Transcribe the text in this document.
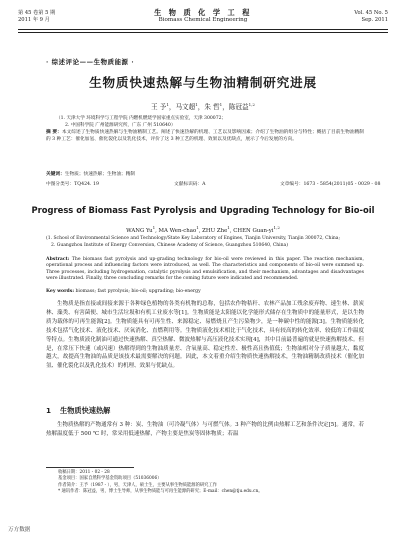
第 45 卷第 5 期
2011 年 9 月
生 物 质 化 学 工 程
Biomass Chemical Engineering
Vol. 45 No. 5
Sep. 2011
· 综述评论——生物质能源 ·
生物质快速热解与生物油精制研究进展
王 予$^1$，马文超$^1$，朱 哲$^1$，陈冠益$^{1,2}$
（1. 天津大学 环境科学与工程学院 内燃机燃烧学国家重点实验室，天津 300072；
2. 中国科学院 广州能源研究所，广东 广州 510640）
摘 要：本文综述了生物质快速热解与生物油精制工艺。阐述了快速热解的机理、工艺以及影响因素；介绍了生物油的组分与特性；概括了目前生物油精制的 3 种工艺：催化加氢、催化裂化以及乳化技术，评价了这 3 种工艺的机理、效果以及优缺点，展示了今后发展的方向。
关键词：生物质；快速热解；生物油；精制
中图分类号：TQ424. 19	文献标识码：A	文章编号：1673 - 5854(2011)05 - 0029 - 08
Progress of Biomass Fast Pyrolysis and Upgrading Technology for Bio-oil
WANG Yu$^1$, MA Wen-chao$^1$, ZHU Zhe$^1$, CHEN Guan-yi$^{1,2}$
(1. School of Environmental Science and Technology/State Key Laboratory of Engines, Tianjin University, Tianjin 300072, China;
2. Guangzhou Institute of Energy Conversion, Chinese Academy of Science, Guangzhou 510640, China)
Abstract: The biomass fast pyrolysis and up-grading technology for bio-oil were reviewed in this paper. The reaction mechanism, operational process and influencing factors were introduced, as well. The characteristics and components of bio-oil were summed up. Three processes, including hydrogenation, catalytic pyrolysis and emulsification, and their mechanism, advantages and disadvantages were illustrated. Finally, three concluding remarks for the coming future were indicated and recommended.
Key words: biomass; fast pyrolysis; bio-oil; upgrading; bio-energy
生物质是指直接或间接来源于各种绿色植物的各类有机物的总称，包括农作物秸秆、农林产品加工残余废弃物、速生林、薪炭林、藻类、有害菌便、城市生活垃圾和有机工业废水等[1]。生物质能是太阳能以化学能形式储存在生物质中的能量形式，是以生物质为载体的可再生能源[2]。生物质能具有可再生性、来源稳定、易燃烧且产生污染物少，是一种碳中性的能源[3]。生物质能转化技术包括气化技术、液化技术、厌氧消化、直燃利用等。生物质液化技术相比于气化技术，具有较高的转化效率、较低的工作温度等特点。生物质液化制油可通过快速热解、真空热解、微波热解与高压液化技术实现[4]，其中目前最普遍的就是快速热解技术。但是，在常压下快速（或闪速）热解得到的生物油质量差、含氧量高、稳定性差、极性高且热值低；生物油相对分子质量越大，黏度越大，故提高生物油的品质是该技术最需要解决的问题。因此，本文着重介绍生物质快速热解技术，生物油精制改质技术（催化加氢、催化裂化以及乳化技术）的机理、效果与优缺点。
1 生物质快速热解
生物质热解的产物通常有 3 种：炭、生物油（可冷凝气体）与可燃气体。3 种产物的比例由热解工艺和条件决定[5]。通常，若热解温度低于 500 ℃ 时，常采用低速热解，产物主要是焦炭等固体物质；若温
收稿日期：2011 - 02 - 28
基金项目：国家自然科学基金资助项目（51036006）
作者简介：王予（1987 - ），男，天津人，硕士生，主要从事生物质能源的研究工作
* 通讯作者：陈冠益，男，博士生导师，从事生物质能与可再生能源的研究；E-mail：chen@tju.edu.cn。
万方数据
